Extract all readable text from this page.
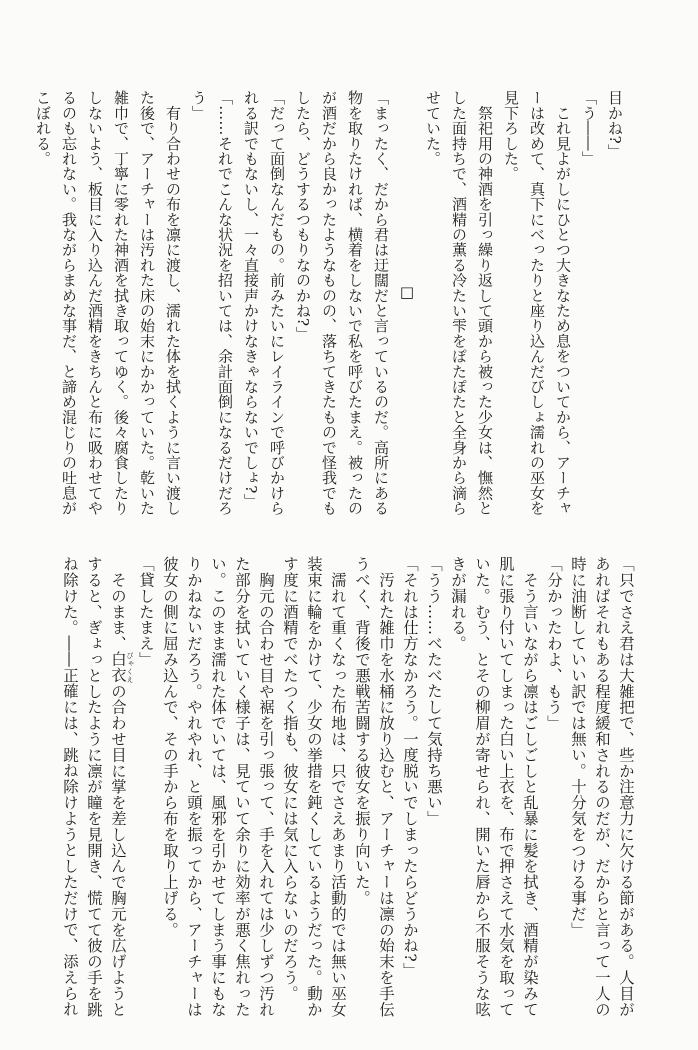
目かね?」

「う――」

　これ見よがしにひとつ大きなため息をついてから、アーチャーは改めて、真下にべったりと座り込んだびしょ濡れの巫女を見下ろした。

　祭祀用の神酒を引っ繰り返して頭から被った少女は、憮然とした面持ちで、酒精の薫る冷たい雫をぽたぽたと全身から滴らせていた。

□

「まったく、だから君は迂闊だと言っているのだ。高所にある物を取りたければ、横着をしないで私を呼びたまえ。被ったのが酒だから良かったようなものの、落ちてきたもので怪我でもしたら、どうするつもりなのかね?」

「だって面倒なんだもの。前みたいにレイラインで呼びかけられる訳でもないし、一々直接声かけなきゃならないでしょ?」

「……それでこんな状況を招いては、余計面倒になるだけだろう」

　有り合わせの布を凛に渡し、濡れた体を拭くように言い渡した後で、アーチャーは汚れた床の始末にかかっていた。乾いた雑巾で、丁寧に零れた神酒を拭き取ってゆく。後々腐食したりしないよう、板目に入り込んだ酒精をきちんと布に吸わせてやるのも忘れない。我ながらまめな事だ、と諦め混じりの吐息がこぼれる。

「只でさえ君は大雑把で、些か注意力に欠ける節がある。人目があればそれもある程度緩和されるのだが、だからと言って一人の時に油断していい訳では無い。十分気をつける事だ」

「分かったわよ、もう」

　そう言いながら凛はごしごしと乱暴に髪を拭き、酒精が染みて肌に張り付いてしまった白い上衣を、布で押さえて水気を取っていた。むう、とその柳眉が寄せられ、開いた唇から不服そうな呟きが漏れる。

「うう……べたべたして気持ち悪い」

「それは仕方なかろう。一度脱いでしまったらどうかね?」

　汚れた雑巾を水桶に放り込むと、アーチャーは凛の始末を手伝うべく、背後で悪戦苦闘する彼女を振り向いた。

　濡れて重くなった布地は、只でさえあまり活動的では無い巫女装束に輪をかけて、少女の挙措を鈍くしているようだった。動かす度に酒精でべたつく指も、彼女には気に入らないのだろう。

　胸元の合わせ目や裾を引っ張って、手を入れては少しずつ汚れた部分を拭いていく様子は、見ていて余りに効率が悪く焦れったい。このまま濡れた体でいては、風邪を引かせてしまう事にもなりかねないだろう。やれやれ、と頭を振ってから、アーチャーは彼女の側に屈み込んで、その手から布を取り上げる。

「貸したまえ」

　そのまま、白衣 びゃくえの合わせ目に掌を差し込んで胸元を広げようとすると、ぎょっとしたように凛が瞳を見開き、慌てて彼の手を跳ね除けた。――正確には、跳ね除けようとしただけで、添えられ
